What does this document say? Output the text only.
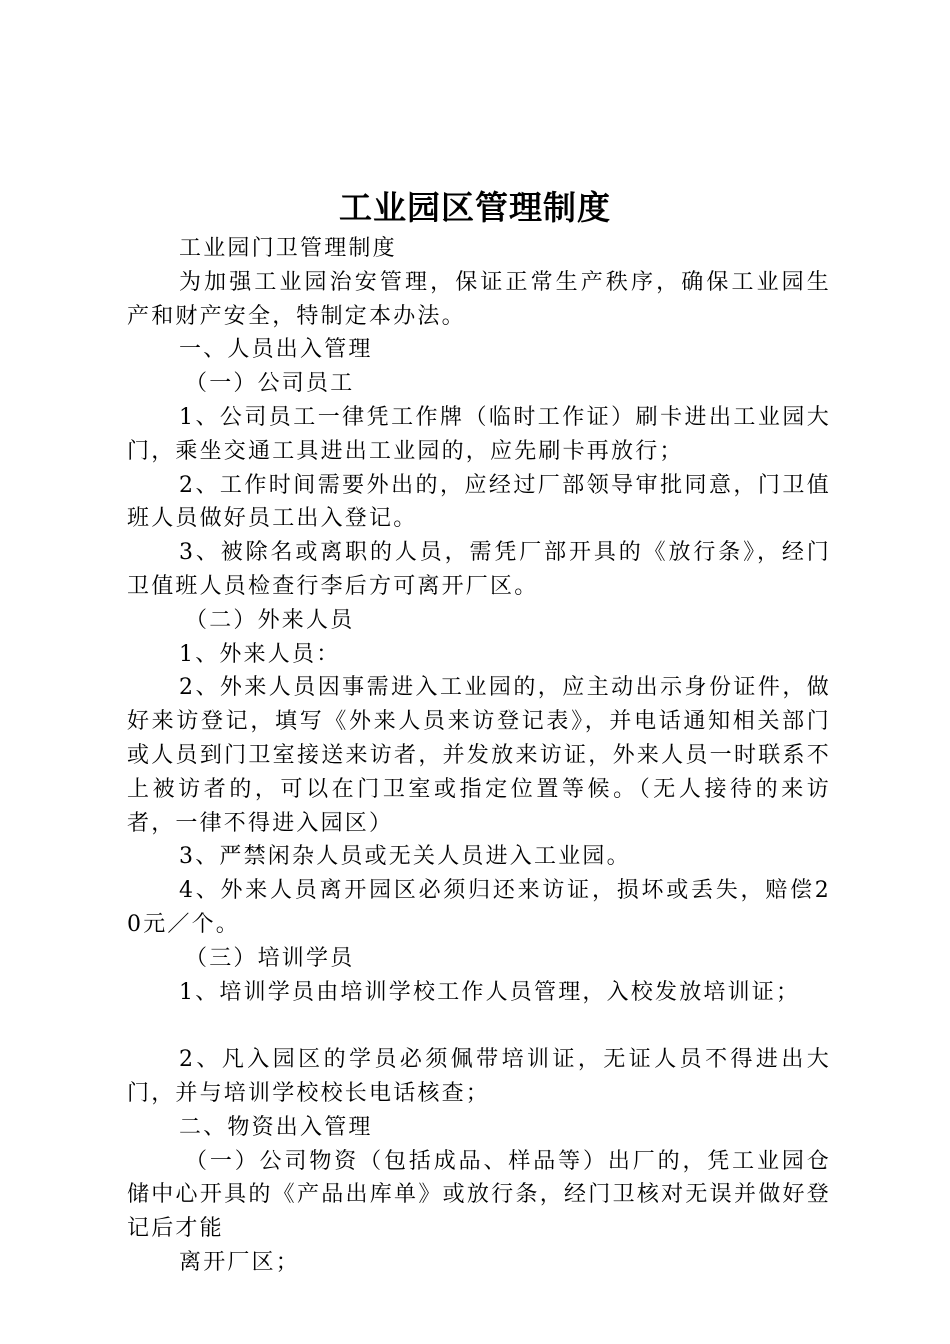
工业园区管理制度

工业园门卫管理制度

为加强工业园治安管理，保证正常生产秩序，确保工业园生产和财产安全，特制定本办法。

一、人员出入管理

（一）公司员工

1、公司员工一律凭工作牌（临时工作证）刷卡进出工业园大门，乘坐交通工具进出工业园的，应先刷卡再放行；

2、工作时间需要外出的，应经过厂部领导审批同意，门卫值班人员做好员工出入登记。

3、被除名或离职的人员，需凭厂部开具的《放行条》，经门卫值班人员检查行李后方可离开厂区。

（二）外来人员

1、外来人员：

2、外来人员因事需进入工业园的，应主动出示身份证件，做好来访登记，填写《外来人员来访登记表》，并电话通知相关部门或人员到门卫室接送来访者，并发放来访证，外来人员一时联系不上被访者的，可以在门卫室或指定位置等候。（无人接待的来访者，一律不得进入园区）

3、严禁闲杂人员或无关人员进入工业园。

4、外来人员离开园区必须归还来访证，损坏或丢失，赔偿20元／个。

（三）培训学员

1、培训学员由培训学校工作人员管理，入校发放培训证；

2、凡入园区的学员必须佩带培训证，无证人员不得进出大门，并与培训学校校长电话核查；

二、物资出入管理

（一）公司物资（包括成品、样品等）出厂的，凭工业园仓储中心开具的《产品出库单》或放行条，经门卫核对无误并做好登记后才能

离开厂区；
